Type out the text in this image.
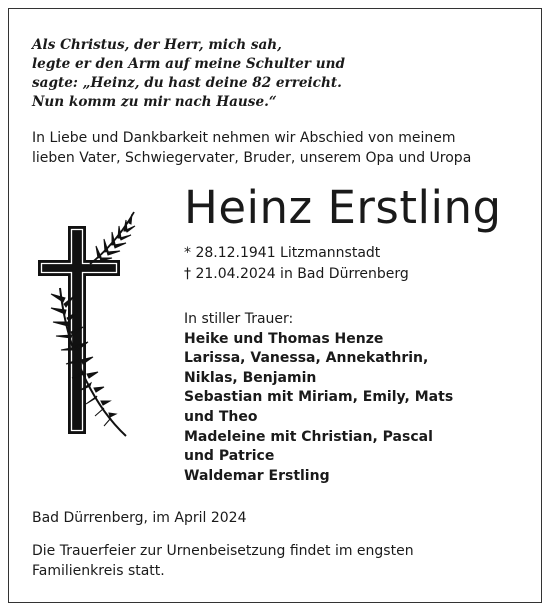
Als Christus, der Herr, mich sah,
legte er den Arm auf meine Schulter und
sagte: „Heinz, du hast deine 82 erreicht.
Nun komm zu mir nach Hause.“
In Liebe und Dankbarkeit nehmen wir Abschied von meinem
lieben Vater, Schwiegervater, Bruder, unserem Opa und Uropa
Heinz Erstling
* 28.12.1941 Litzmannstadt
† 21.04.2024 in Bad Dürrenberg
In stiller Trauer:
Heike und Thomas Henze
Larissa, Vanessa, Annekathrin,
Niklas, Benjamin
Sebastian mit Miriam, Emily, Mats
und Theo
Madeleine mit Christian, Pascal
und Patrice
Waldemar Erstling
Bad Dürrenberg, im April 2024
Die Trauerfeier zur Urnenbeisetzung findet im engsten
Familienkreis statt.
